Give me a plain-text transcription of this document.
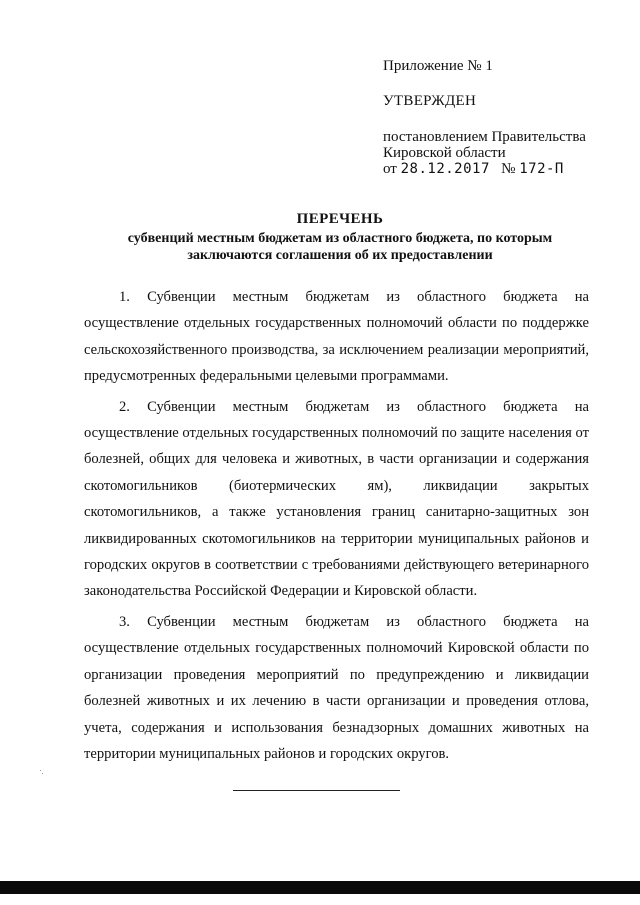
Приложение № 1
УТВЕРЖДЕН
постановлением Правительства
Кировской области
от 28.12.2017 № 172-П
ПЕРЕЧЕНЬ
субвенций местным бюджетам из областного бюджета, по которым заключаются соглашения об их предоставлении

1. Субвенции местным бюджетам из областного бюджета на осуществление отдельных государственных полномочий области по поддержке сельскохозяйственного производства, за исключением реализации мероприятий, предусмотренных федеральными целевыми программами.

2. Субвенции местным бюджетам из областного бюджета на осуществление отдельных государственных полномочий по защите населения от болезней, общих для человека и животных, в части организации и содержания скотомогильников (биотермических ям), ликвидации закрытых скотомогильников, а также установления границ санитарно-защитных зон ликвидированных скотомогильников на территории муниципальных районов и городских округов в соответствии с требованиями действующего ветеринарного законодательства Российской Федерации и Кировской области.

3. Субвенции местным бюджетам из областного бюджета на осуществление отдельных государственных полномочий Кировской области по организации проведения мероприятий по предупреждению и ликвидации болезней животных и их лечению в части организации и проведения отлова, учета, содержания и использования безнадзорных домашних животных на территории муниципальных районов и городских округов.
